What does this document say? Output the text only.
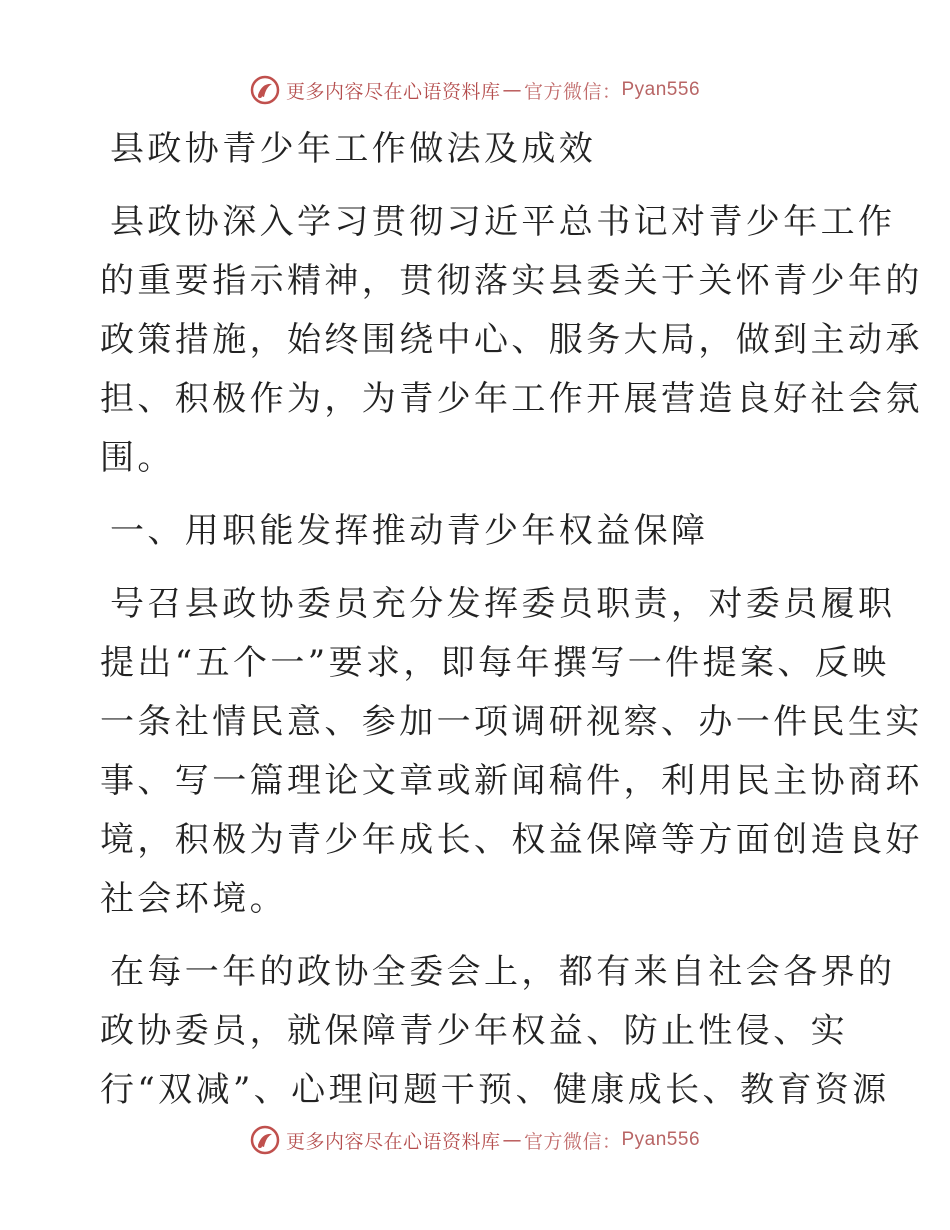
更多内容尽在心语资料库 — 官方微信： Pyan556
县政协青少年工作做法及成效
县政协深入学习贯彻习近平总书记对青少年工作
的重要指示精神，贯彻落实县委关于关怀青少年的
政策措施，始终围绕中心、服务大局，做到主动承
担、积极作为，为青少年工作开展营造良好社会氛
围。
一、用职能发挥推动青少年权益保障
号召县政协委员充分发挥委员职责，对委员履职
提出“五个一”要求，即每年撰写一件提案、反映
一条社情民意、参加一项调研视察、办一件民生实
事、写一篇理论文章或新闻稿件，利用民主协商环
境，积极为青少年成长、权益保障等方面创造良好
社会环境。
在每一年的政协全委会上，都有来自社会各界的
政协委员，就保障青少年权益、防止性侵、实
行“双减”、心理问题干预、健康成长、教育资源
更多内容尽在心语资料库 — 官方微信： Pyan556
